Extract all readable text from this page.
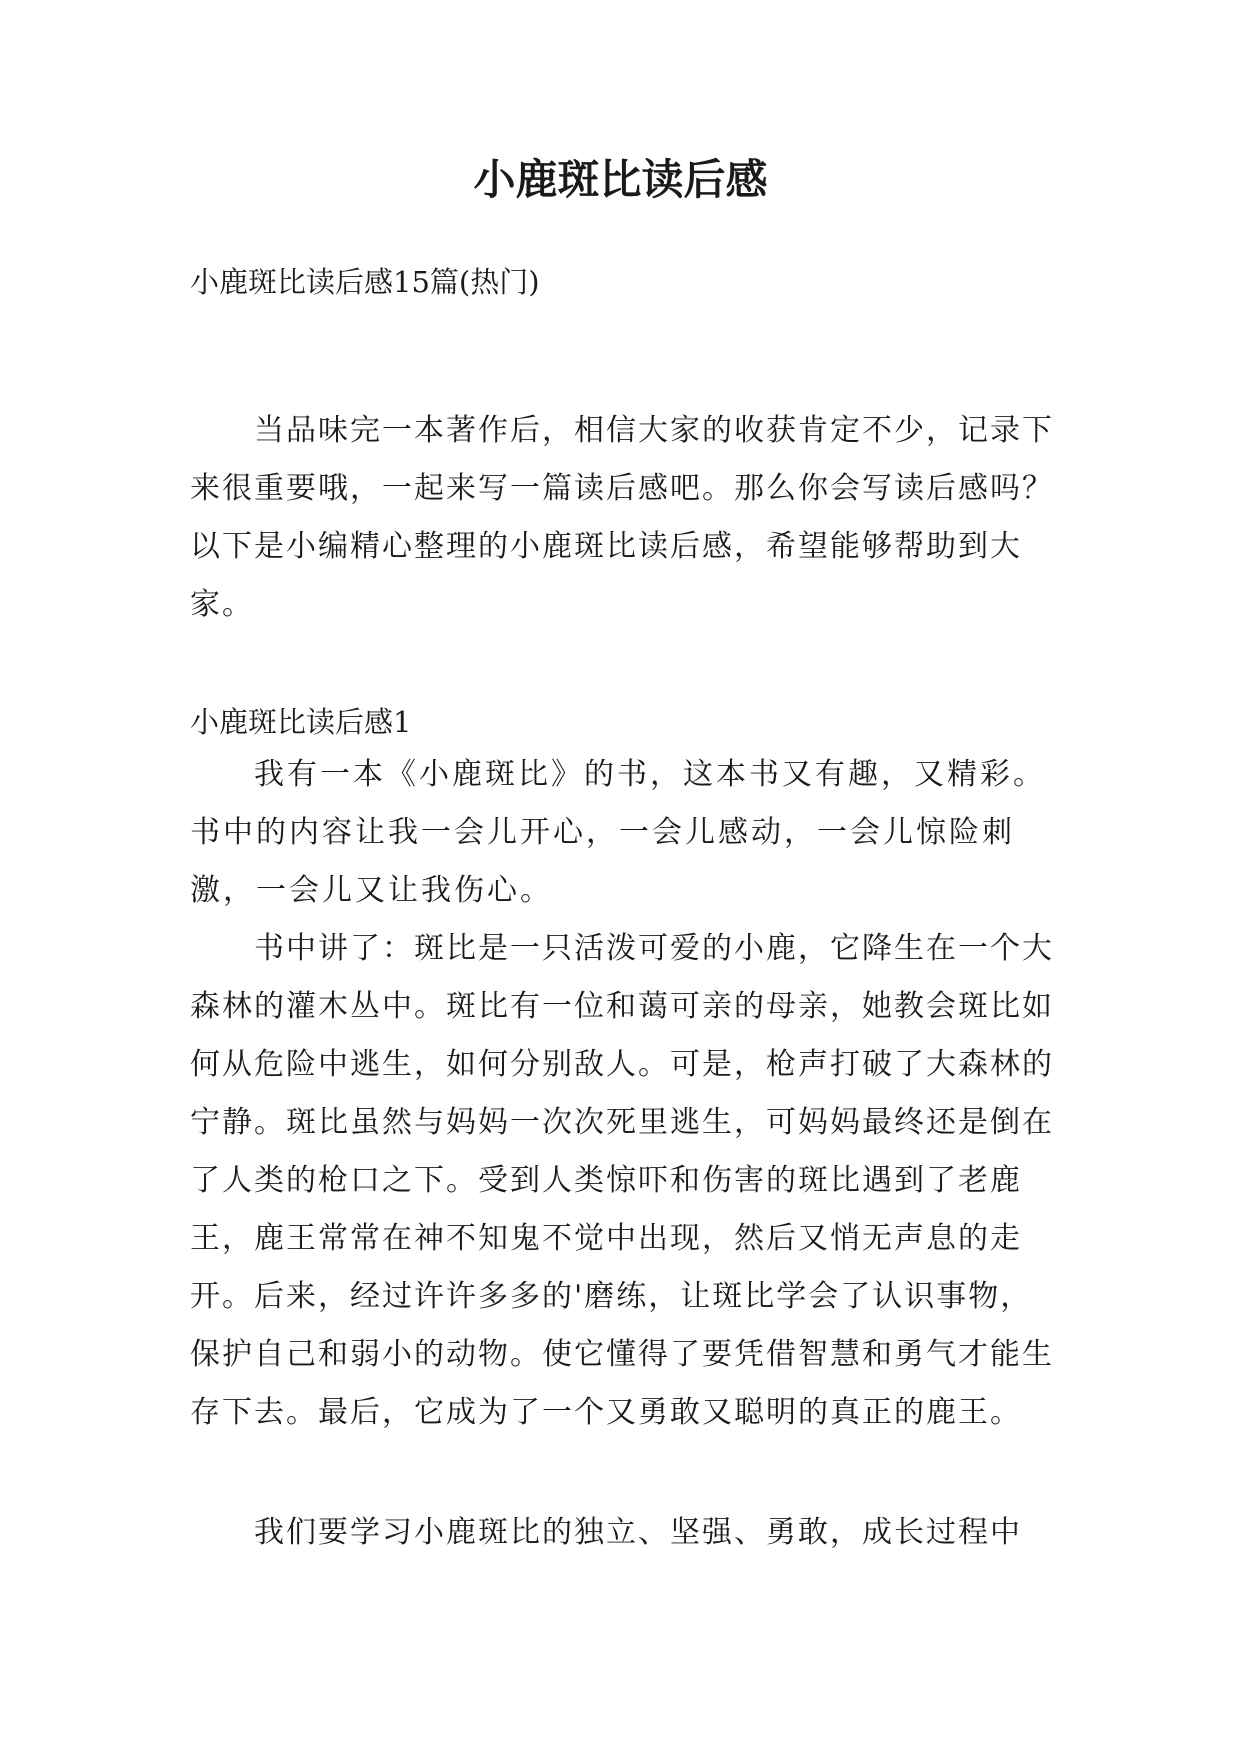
小鹿斑比读后感

小鹿斑比读后感15篇(热门)

当品味完一本著作后，相信大家的收获肯定不少，记录下来很重要哦，一起来写一篇读后感吧。那么你会写读后感吗？以下是小编精心整理的小鹿斑比读后感，希望能够帮助到大家。

小鹿斑比读后感1

我有一本《小鹿斑比》的书，这本书又有趣，又精彩。书中的内容让我一会儿开心，一会儿感动，一会儿惊险刺激，一会儿又让我伤心。

书中讲了：斑比是一只活泼可爱的小鹿，它降生在一个大森林的灌木丛中。斑比有一位和蔼可亲的母亲，她教会斑比如何从危险中逃生，如何分别敌人。可是，枪声打破了大森林的宁静。斑比虽然与妈妈一次次死里逃生，可妈妈最终还是倒在了人类的枪口之下。受到人类惊吓和伤害的斑比遇到了老鹿王，鹿王常常在神不知鬼不觉中出现，然后又悄无声息的走开。后来，经过许许多多的'磨练，让斑比学会了认识事物，保护自己和弱小的动物。使它懂得了要凭借智慧和勇气才能生存下去。最后，它成为了一个又勇敢又聪明的真正的鹿王。

我们要学习小鹿斑比的独立、坚强、勇敢，成长过程中
